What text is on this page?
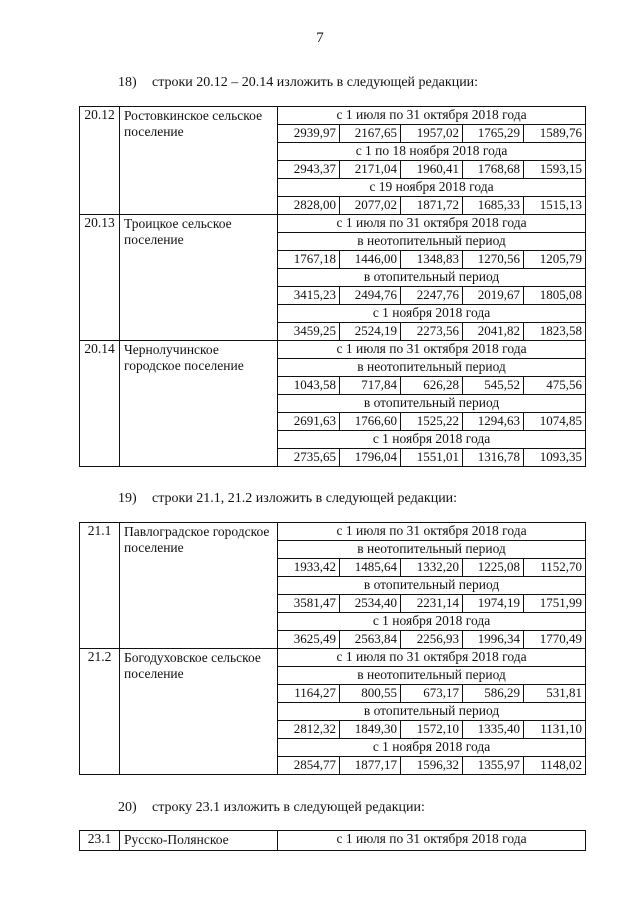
7
18) строки 20.12 – 20.14 изложить в следующей редакции:
20.12	Ростовкинское сельское поселение	с 1 июля по 31 октября 2018 года				
		2939,97	2167,65	1957,02	1765,29	1589,76
		с 1 по 18 ноября 2018 года				
		2943,37	2171,04	1960,41	1768,68	1593,15
		с 19 ноября 2018 года				
		2828,00	2077,02	1871,72	1685,33	1515,13
20.13	Троицкое сельское поселение	с 1 июля по 31 октября 2018 года				
		в неотопительный период				
		1767,18	1446,00	1348,83	1270,56	1205,79
		в отопительный период				
		3415,23	2494,76	2247,76	2019,67	1805,08
		с 1 ноября 2018 года				
		3459,25	2524,19	2273,56	2041,82	1823,58
20.14	Чернолучинское городское поселение	с 1 июля по 31 октября 2018 года				
		в неотопительный период				
		1043,58	717,84	626,28	545,52	475,56
		в отопительный период				
		2691,63	1766,60	1525,22	1294,63	1074,85
		с 1 ноября 2018 года				
		2735,65	1796,04	1551,01	1316,78	1093,35
19) строки 21.1, 21.2 изложить в следующей редакции:
21.1	Павлоградское городское поселение	с 1 июля по 31 октября 2018 года				
		в неотопительный период				
		1933,42	1485,64	1332,20	1225,08	1152,70
		в отопительный период				
		3581,47	2534,40	2231,14	1974,19	1751,99
		с 1 ноября 2018 года				
		3625,49	2563,84	2256,93	1996,34	1770,49
21.2	Богодуховское сельское поселение	с 1 июля по 31 октября 2018 года				
		в неотопительный период				
		1164,27	800,55	673,17	586,29	531,81
		в отопительный период				
		2812,32	1849,30	1572,10	1335,40	1131,10
		с 1 ноября 2018 года				
		2854,77	1877,17	1596,32	1355,97	1148,02
20) строку 23.1 изложить в следующей редакции:
23.1	Русско-Полянское	с 1 июля по 31 октября 2018 года
